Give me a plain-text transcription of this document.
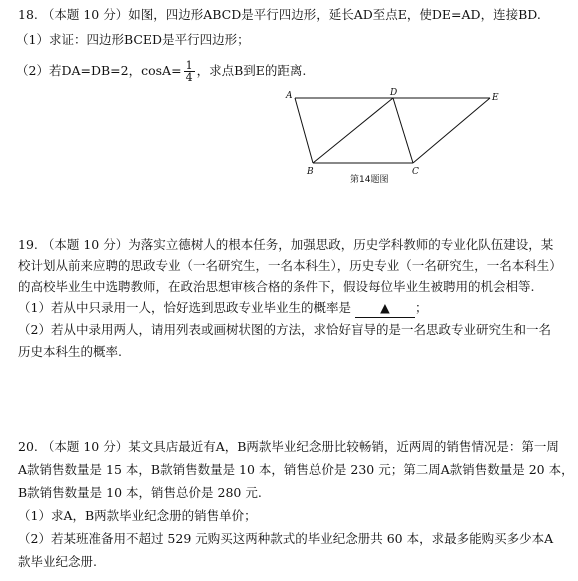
18. （本题 10 分）如图，四边形ABCD是平行四边形，延长AD至点E，使DE=AD，连接BD.
（1）求证：四边形BCED是平行四边形；
（2）若DA=DB=2，$\cos A= \frac{1}{4}$ ，求点B到E的距离.
A	D	E
B	C
第14题图
19. （本题 10 分）为落实立德树人的根本任务，加强思政，历史学科教师的专业化队伍建设，某
校计划从前来应聘的思政专业（一名研究生，一名本科生），历史专业（一名研究生，一名本科生）
的高校毕业生中选聘教师，在政治思想审核合格的条件下，假设每位毕业生被聘用的机会相等.
（1）若从中只录用一人，恰好选到思政专业毕业生的概率是 ▲ ；
（2）若从中录用两人，请用列表或画树状图的方法，求恰好盲导的是一名思政专业研究生和一名
历史本科生的概率.
20. （本题 10 分）某文具店最近有A，B两款毕业纪念册比较畅销，近两周的销售情况是：第一周
A款销售数量是 15 本，B款销售数量是 10 本，销售总价是 230 元；第二周A款销售数量是 20 本，
B款销售数量是 10 本，销售总价是 280 元.
（1）求A，B两款毕业纪念册的销售单价；
（2）若某班准备用不超过 529 元购买这两种款式的毕业纪念册共 60 本，求最多能购买多少本A
款毕业纪念册.
